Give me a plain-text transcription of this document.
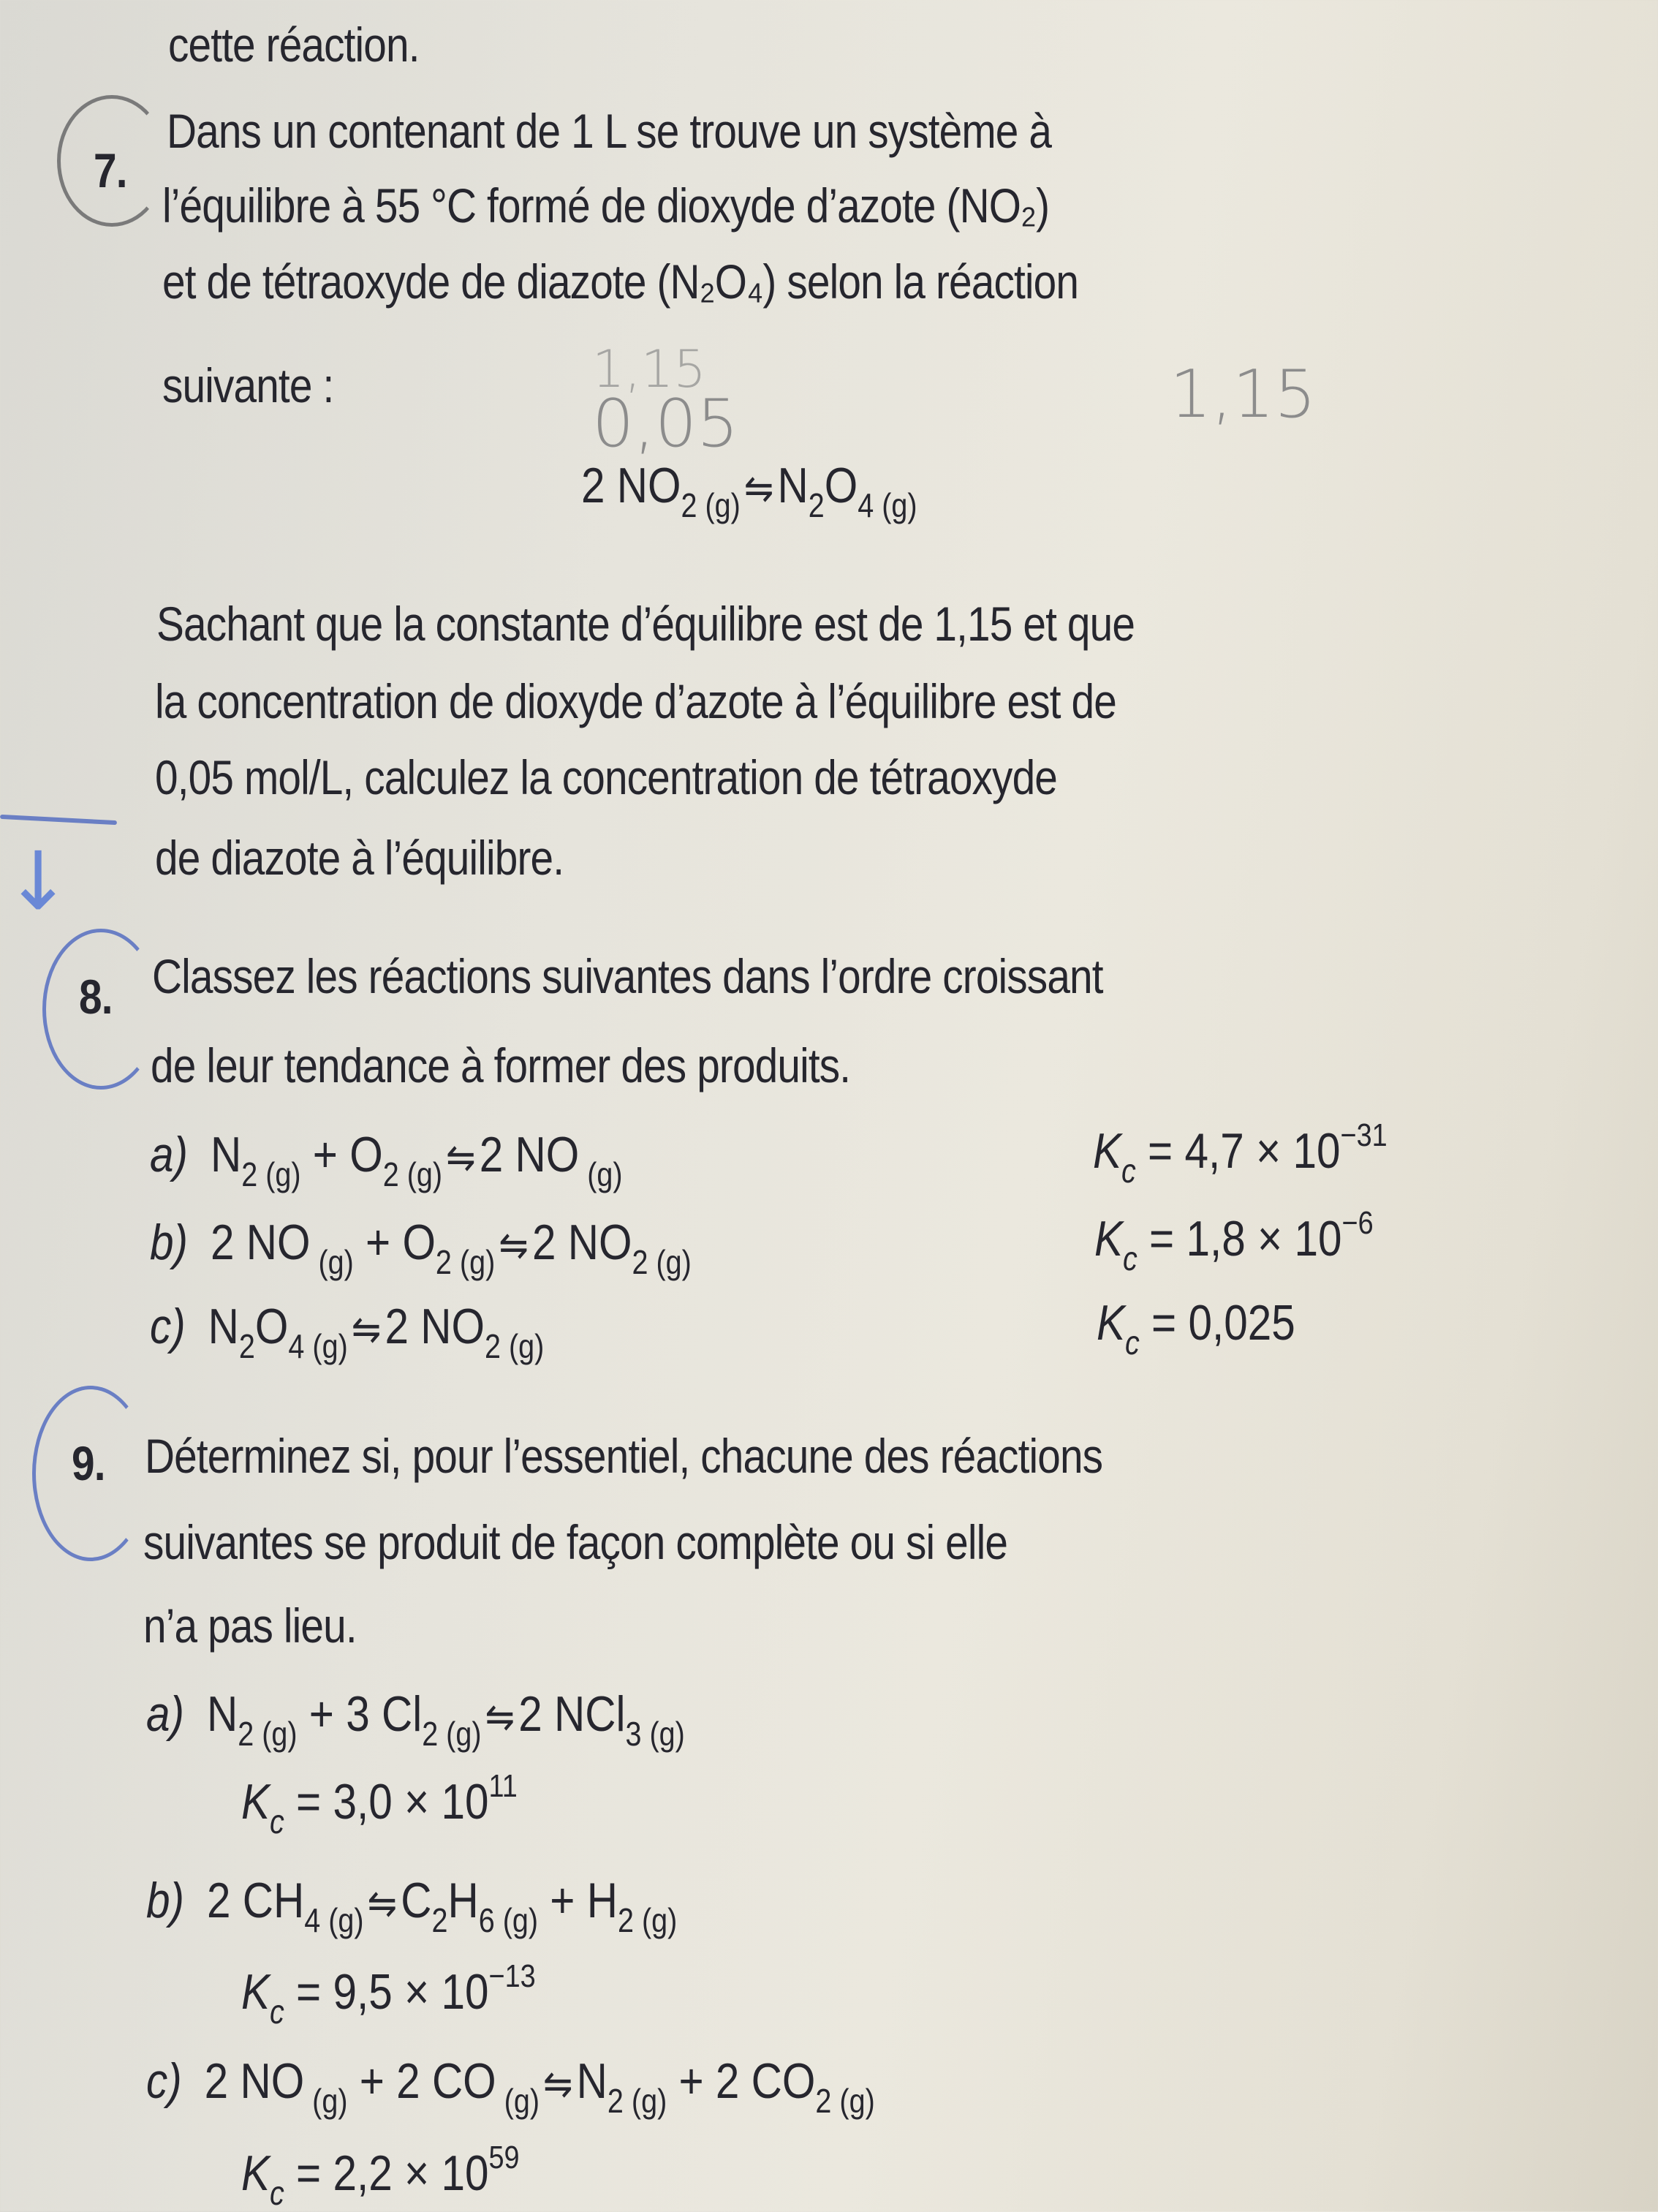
cette réaction.
7.
Dans un contenant de 1 L se trouve un système à
l’équilibre à 55 °C formé de dioxyde d’azote (NO₂)
et de tétraoxyde de diazote (N₂O₄) selon la réaction
suivante :	1,15
0,05	1,15
2 $NO_{2 (g)}⇋N_2O_{4 (g)}$
Sachant que la constante d’équilibre est de 1,15 et que
la concentration de dioxyde d’azote à l’équilibre est de
0,05 mol/L, calculez la concentration de tétraoxyde
de diazote à l’équilibre.
↓
8. Classez les réactions suivantes dans l’ordre croissant
de leur tendance à former des produits.
a) $N_{2 (g)}$ + $O_{2 (g)}⇋2$ NO $_{(g)}$	$K_c = 4,7 \times 10^{-31}$
b) 2 NO $_{(g)} + O_{2 (g)}⇋2$ $NO_{2 (g)}$	$K_c = 1,8 \times 10^{-6}$
c) $N_2O_{4 (g)}⇋2$ $NO_{2 (g)}$	$K_c = 0,025$
9. Déterminez si, pour l’essentiel, chacune des réactions
suivantes se produit de façon complète ou si elle
n’a pas lieu.
a) $N_{2 (g)} + 3$ $Cl_{2 (g)}⇋2$ NCl$_{3 (g)}$
$K_c = 3,0 \times 10^{11}$
b) 2 $CH_{4 (g)}⇋C_2H_{6 (g)} + H_{2 (g)}$
$K_c = 9,5 \times 10^{-13}$
c) 2 NO $_{(g)}$ + 2 CO $_{(g)}⇋N_{2 (g)} + 2$ $CO_{2 (g)}$
$K_c = 2,2 \times 10^{59}$
